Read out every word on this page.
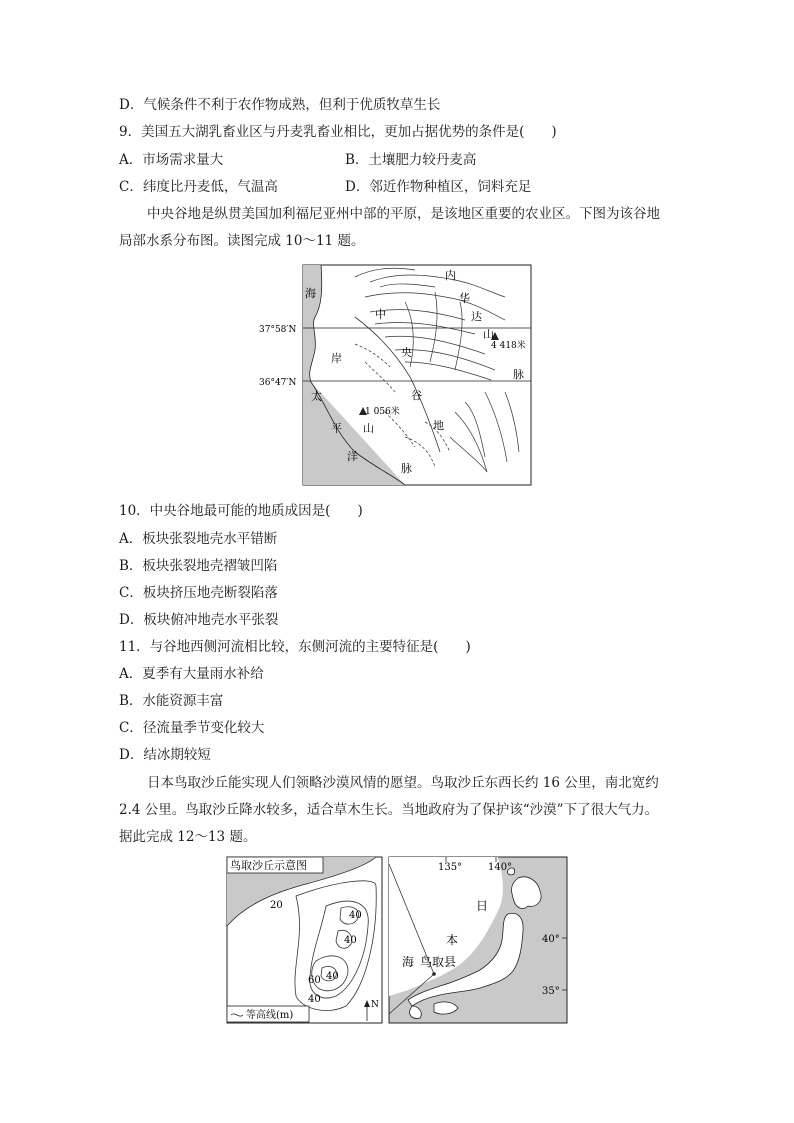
D．气候条件不利于农作物成熟，但利于优质牧草生长
9．美国五大湖乳畜业区与丹麦乳畜业相比，更加占据优势的条件是(　　)
A．市场需求量大	B．土壤肥力较丹麦高
C．纬度比丹麦低，气温高	D．邻近作物种植区，饲料充足
中央谷地是纵贯美国加利福尼亚州中部的平原，是该地区重要的农业区。下图为该谷地
局部水系分布图。读图完成 10～11 题。
37°58′N
36°47′N
4 418米
1 056米
内
华
达
山
脉
海
岸
中
央
谷
地
太
平
洋
山
脉
10．中央谷地最可能的地质成因是(　　)
A．板块张裂地壳水平错断
B．板块张裂地壳褶皱凹陷
C．板块挤压地壳断裂陷落
D．板块俯冲地壳水平张裂
11．与谷地西侧河流相比较，东侧河流的主要特征是(　　)
A．夏季有大量雨水补给
B．水能资源丰富
C．径流量季节变化较大
D．结冰期较短
日本鸟取沙丘能实现人们领略沙漠风情的愿望。鸟取沙丘东西长约 16 公里，南北宽约
2.4 公里。鸟取沙丘降水较多，适合草木生长。当地政府为了保护该“沙漠”下了很大气力。
据此完成 12～13 题。
鸟取沙丘示意图
20
40
40
60 40
40
等高线(m)
N
135°	140°
40°
35°
日
本
海 鸟取县
